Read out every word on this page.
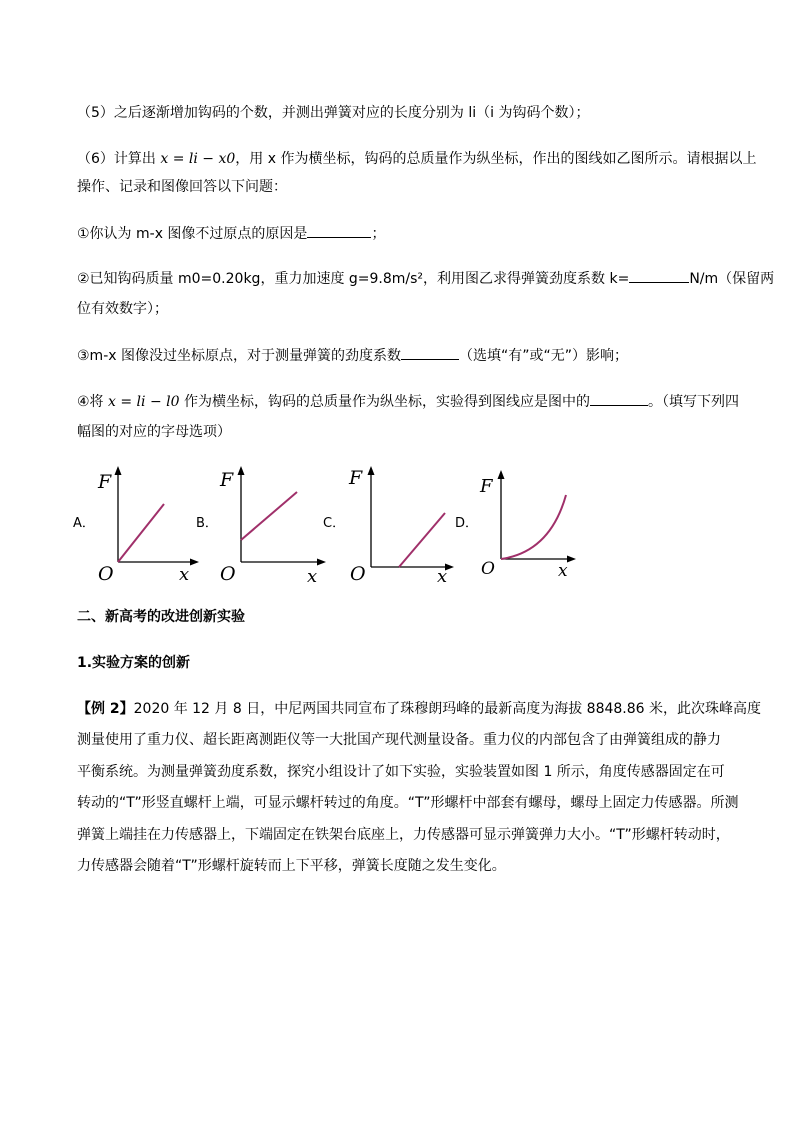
（5）之后逐渐增加钩码的个数，并测出弹簧对应的长度分别为 li（i 为钩码个数）；
（6）计算出 x = li − x0，用 x 作为横坐标，钩码的总质量作为纵坐标，作出的图线如乙图所示。请根据以上
操作、记录和图像回答以下问题：
①你认为 m-x 图像不过原点的原因是	；
②已知钩码质量 m0=0.20kg，重力加速度 g=9.8m/s²，利用图乙求得弹簧劲度系数 k=	N/m（保留两
位有效数字）；
③m-x 图像没过坐标原点，对于测量弹簧的劲度系数	（选填“有”或“无”）影响；
④将 x = li − l0 作为横坐标，钩码的总质量作为纵坐标，实验得到图线应是图中的	。（填写下列四
幅图的对应的字母选项）
A．
F
O	x
B．
F
O	x
C．
F
O	x
D．
F
O	x
二、新高考的改进创新实验
1.实验方案的创新
【例 2】2020 年 12 月 8 日，中尼两国共同宣布了珠穆朗玛峰的最新高度为海拔 8848.86 米，此次珠峰高度
测量使用了重力仪、超长距离测距仪等一大批国产现代测量设备。重力仪的内部包含了由弹簧组成的静力
平衡系统。为测量弹簧劲度系数，探究小组设计了如下实验，实验装置如图 1 所示，角度传感器固定在可
转动的“T”形竖直螺杆上端，可显示螺杆转过的角度。“T”形螺杆中部套有螺母，螺母上固定力传感器。所测
弹簧上端挂在力传感器上，下端固定在铁架台底座上，力传感器可显示弹簧弹力大小。“T”形螺杆转动时，
力传感器会随着“T”形螺杆旋转而上下平移，弹簧长度随之发生变化。
